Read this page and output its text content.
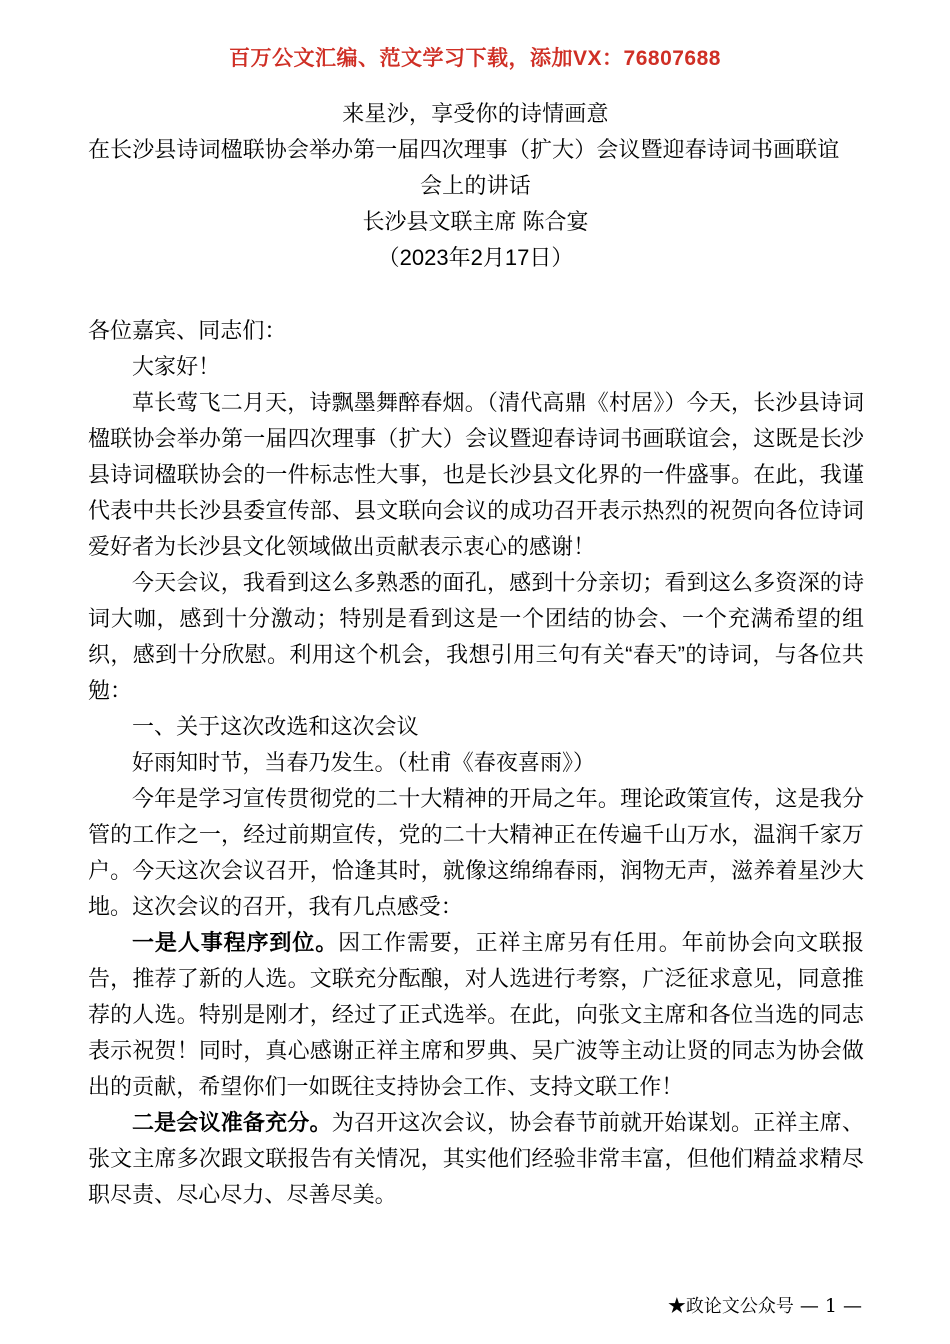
百万公文汇编、范文学习下载，添加VX：76807688
来星沙，享受你的诗情画意
在长沙县诗词楹联协会举办第一届四次理事（扩大）会议暨迎春诗词书画联谊
会上的讲话
长沙县文联主席 陈合宴
（2023年2月17日）

各位嘉宾、同志们：

大家好！

草长莺飞二月天，诗飘墨舞醉春烟。（清代高鼎《村居》）今天，长沙县诗词楹联协会举办第一届四次理事（扩大）会议暨迎春诗词书画联谊会，这既是长沙县诗词楹联协会的一件标志性大事，也是长沙县文化界的一件盛事。在此，我谨代表中共长沙县委宣传部、县文联向会议的成功召开表示热烈的祝贺向各位诗词爱好者为长沙县文化领域做出贡献表示衷心的感谢！

今天会议，我看到这么多熟悉的面孔，感到十分亲切；看到这么多资深的诗词大咖，感到十分激动；特别是看到这是一个团结的协会、一个充满希望的组织，感到十分欣慰。利用这个机会，我想引用三句有关“春天”的诗词，与各位共勉：

一、关于这次改选和这次会议

好雨知时节，当春乃发生。（杜甫《春夜喜雨》）

今年是学习宣传贯彻党的二十大精神的开局之年。理论政策宣传，这是我分管的工作之一，经过前期宣传，党的二十大精神正在传遍千山万水，温润千家万户。今天这次会议召开，恰逢其时，就像这绵绵春雨，润物无声，滋养着星沙大地。这次会议的召开，我有几点感受：

一是人事程序到位。因工作需要，正祥主席另有任用。年前协会向文联报告，推荐了新的人选。文联充分酝酿，对人选进行考察，广泛征求意见，同意推荐的人选。特别是刚才，经过了正式选举。在此，向张文主席和各位当选的同志表示祝贺！同时，真心感谢正祥主席和罗典、吴广波等主动让贤的同志为协会做出的贡献，希望你们一如既往支持协会工作、支持文联工作！

二是会议准备充分。为召开这次会议，协会春节前就开始谋划。正祥主席、张文主席多次跟文联报告有关情况，其实他们经验非常丰富，但他们精益求精尽职尽责、尽心尽力、尽善尽美。

★政论文公众号 — 1 —
